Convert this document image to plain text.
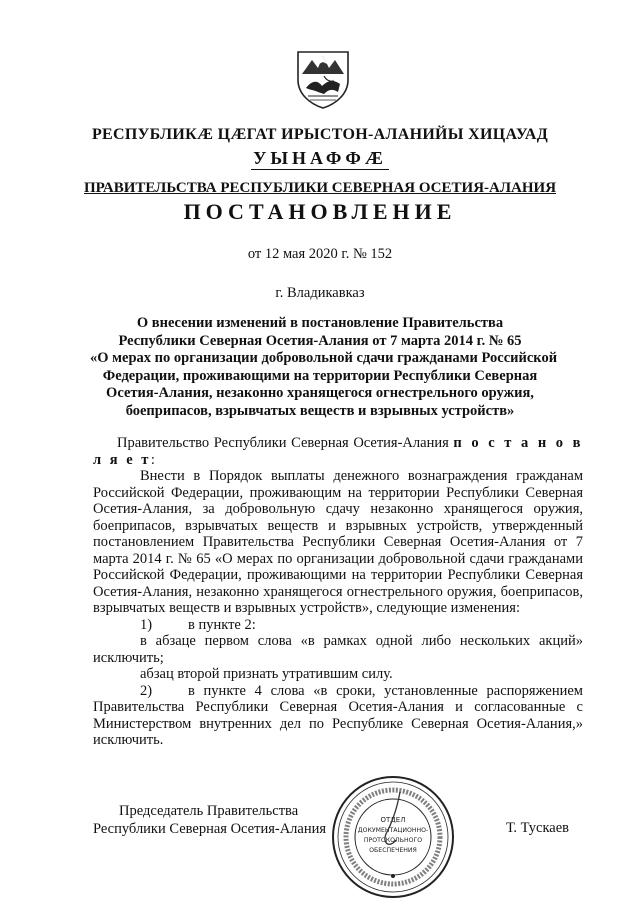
РЕСПУБЛИКӔ ЦӔГАТ ИРЫСТОН-АЛАНИЙЫ ХИЦАУАД
УЫНАФФӔ
ПРАВИТЕЛЬСТВА РЕСПУБЛИКИ СЕВЕРНАЯ ОСЕТИЯ-АЛАНИЯ
ПОСТАНОВЛЕНИЕ
от 12 мая 2020 г. № 152
г. Владикавказ
О внесении изменений в постановление Правительства
Республики Северная Осетия-Алания от 7 марта 2014 г. № 65
«О мерах по организации добровольной сдачи гражданами Российской
Федерации, проживающими на территории Республики Северная
Осетия-Алания, незаконно хранящегося огнестрельного оружия,
боеприпасов, взрывчатых веществ и взрывных устройств»

Правительство Республики Северная Осетия-Алания п о с т а н о в л я е т:

Внести в Порядок выплаты денежного вознаграждения гражданам Российской Федерации, проживающим на территории Республики Северная Осетия-Алания, за добровольную сдачу незаконно хранящегося оружия, боеприпасов, взрывчатых веществ и взрывных устройств, утвержденный постановлением Правительства Республики Северная Осетия-Алания от 7 марта 2014 г. № 65 «О мерах по организации добровольной сдачи гражданами Российской Федерации, проживающими на территории Республики Северная Осетия-Алания, незаконно хранящегося огнестрельного оружия, боеприпасов, взрывчатых веществ и взрывных устройств», следующие изменения:

1) в пункте 2:

в абзаце первом слова «в рамках одной либо нескольких акций» исключить;

абзац второй признать утратившим силу.

2) в пункте 4 слова «в сроки, установленные распоряжением Правительства Республики Северная Осетия-Алания и согласованные с Министерством внутренних дел по Республике Северная Осетия-Алания,» исключить.

Председатель Правительства
Республики Северная Осетия-Алания	Т. Тускаев
ОТДЕЛ
ДОКУМЕНТАЦИОННО-
ПРОТОКОЛЬНОГО
ОБЕСПЕЧЕНИЯ
